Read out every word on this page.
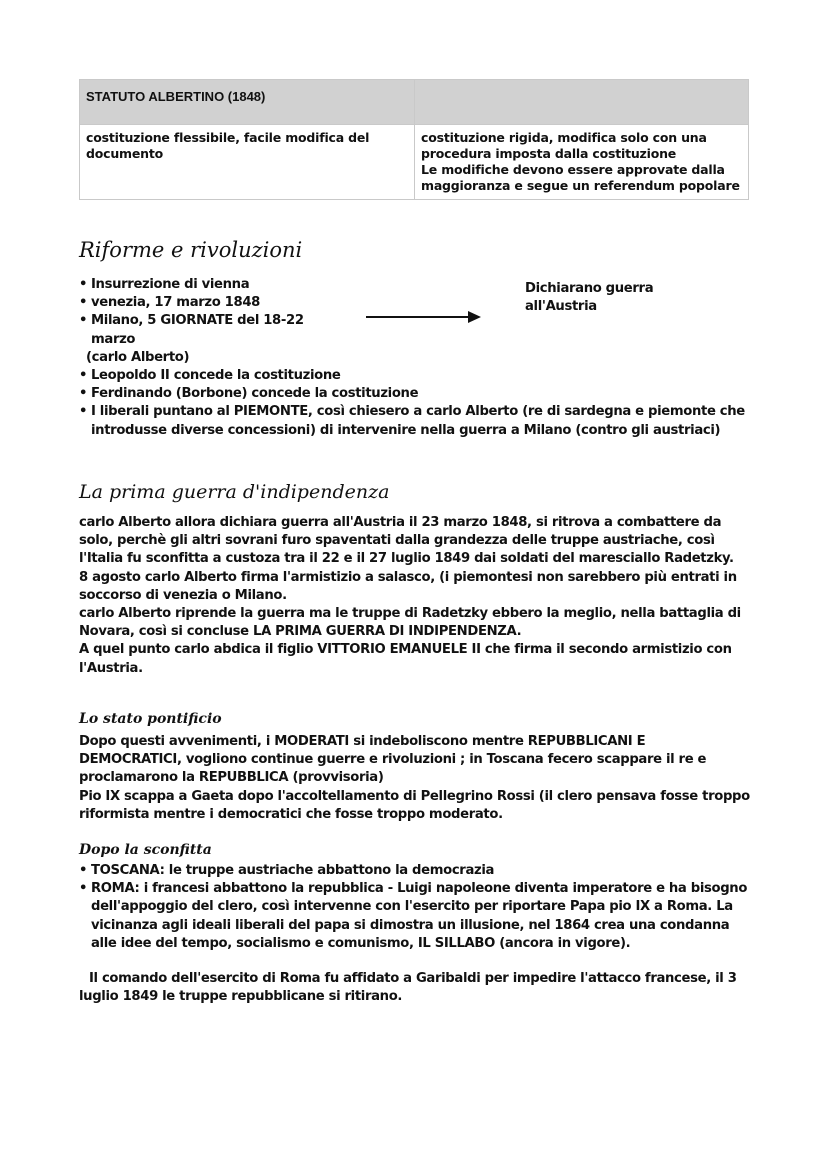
STATUTO ALBERTINO (1848)	
costituzione flessibile, facile modifica del documento	costituzione rigida, modifica solo con una
procedura imposta dalla costituzione
Le modifiche devono essere approvate dalla
maggioranza e segue un referendum popolare
Riforme e rivoluzioni
• Insurrezione di vienna
• venezia, 17 marzo 1848
• Milano, 5 GIORNATE del 18-22 marzo
(carlo Alberto)
• Leopoldo II concede la costituzione
• Ferdinando (Borbone) concede la costituzione
• I liberali puntano al PIEMONTE, così chiesero a carlo Alberto (re di sardegna e piemonte che introdusse diverse concessioni) di intervenire nella guerra a Milano (contro gli austriaci)
Dichiarano guerra all'Austria
La prima guerra d'indipendenza
carlo Alberto allora dichiara guerra all'Austria il 23 marzo 1848, si ritrova a combattere da solo, perchè gli altri sovrani furo spaventati dalla grandezza delle truppe austriache, così l'Italia fu sconfitta a custoza tra il 22 e il 27 luglio 1849 dai soldati del maresciallo Radetzky.
8 agosto carlo Alberto firma l'armistizio a salasco, (i piemontesi non sarebbero più entrati in soccorso di venezia o Milano.
carlo Alberto riprende la guerra ma le truppe di Radetzky ebbero la meglio, nella battaglia di Novara, così si concluse LA PRIMA GUERRA DI INDIPENDENZA.
A quel punto carlo abdica il figlio VITTORIO EMANUELE II che firma il secondo armistizio con l'Austria.
Lo stato pontificio
Dopo questi avvenimenti, i MODERATI si indeboliscono mentre REPUBBLICANI E DEMOCRATICI, vogliono continue guerre e rivoluzioni ; in Toscana fecero scappare il re e proclamarono la REPUBBLICA (provvisoria)
Pio IX scappa a Gaeta dopo l'accoltellamento di Pellegrino Rossi (il clero pensava fosse troppo riformista mentre i democratici che fosse troppo moderato.
Dopo la sconfitta
• TOSCANA: le truppe austriache abbattono la democrazia
• ROMA: i francesi abbattono la repubblica - Luigi napoleone diventa imperatore e ha bisogno dell'appoggio del clero, così intervenne con l'esercito per riportare Papa pio IX a Roma. La vicinanza agli ideali liberali del papa si dimostra un illusione, nel 1864 crea una condanna alle idee del tempo, socialismo e comunismo, IL SILLABO (ancora in vigore).
Il comando dell'esercito di Roma fu affidato a Garibaldi per impedire l'attacco francese, il 3 luglio 1849 le truppe repubblicane si ritirano.
